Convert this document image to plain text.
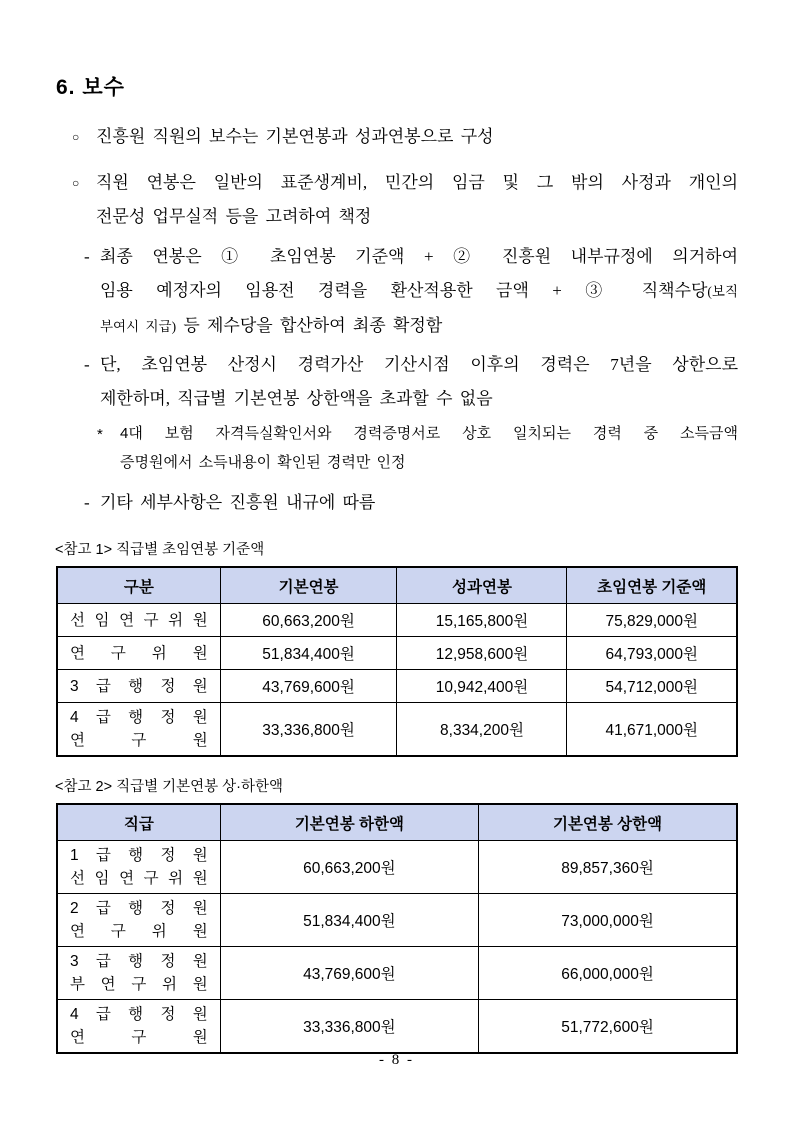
6. 보수
○ 진흥원 직원의 보수는 기본연봉과 성과연봉으로 구성
○ 직원 연봉은 일반의 표준생계비, 민간의 임금 및 그 밖의 사정과 개인의
전문성 업무실적 등을 고려하여 책정
- 최종 연봉은 ① 초임연봉 기준액 + ② 진흥원 내부규정에 의거하여
임용 예정자의 임용전 경력을 환산적용한 금액 + ③ 직책수당(보직
부여시 지급) 등 제수당을 합산하여 최종 확정함
- 단, 초임연봉 산정시 경력가산 기산시점 이후의 경력은 7년을 상한으로
제한하며, 직급별 기본연봉 상한액을 초과할 수 없음
*	4대 보험 자격득실확인서와 경력증명서로 상호 일치되는 경력 중 소득금액
증명원에서 소득내용이 확인된 경력만 인정
- 기타 세부사항은 진흥원 내규에 따름
<참고 1> 직급별 초임연봉 기준액
구분	기본연봉	성과연봉	초임연봉 기준액

선 임 연 구 위 원	60,663,200원	15,165,800원	75,829,000원

연 구 위 원	51,834,400원	12,958,600원	64,793,000원

3 급 행 정 원	43,769,600원	10,942,400원	54,712,000원

4 급 행 정 원
연 구 원	33,336,800원	8,334,200원	41,671,000원
<참고 2> 직급별 기본연봉 상·하한액
직급	기본연봉 하한액	기본연봉 상한액

1 급 행 정 원
선 임 연 구 위 원	60,663,200원	89,857,360원

2 급 행 정 원
연 구 위 원	51,834,400원	73,000,000원

3 급 행 정 원
부 연 구 위 원	43,769,600원	66,000,000원

4 급 행 정 원
연 구 원	33,336,800원	51,772,600원
- 8 -
